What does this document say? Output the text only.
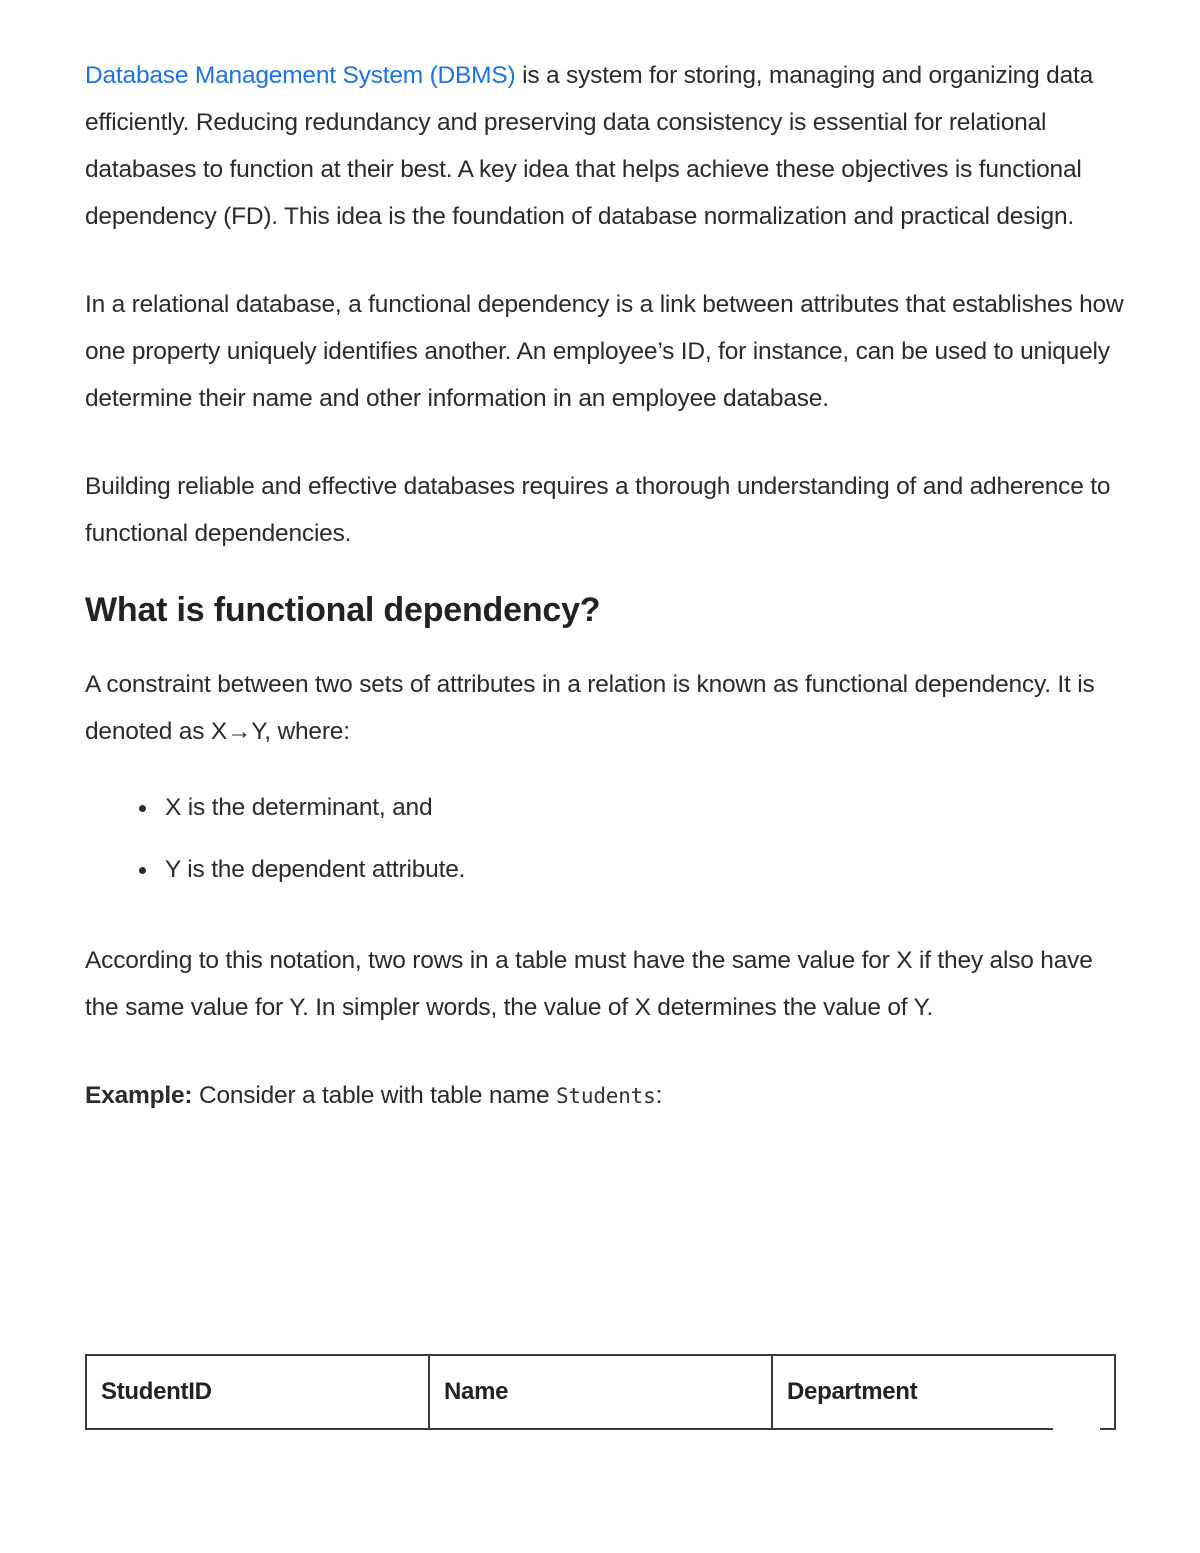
Database Management System (DBMS) is a system for storing, managing and organizing data efficiently. Reducing redundancy and preserving data consistency is essential for relational databases to function at their best. A key idea that helps achieve these objectives is functional dependency (FD). This idea is the foundation of database normalization and practical design.

In a relational database, a functional dependency is a link between attributes that establishes how one property uniquely identifies another. An employee’s ID, for instance, can be used to uniquely determine their name and other information in an employee database.

Building reliable and effective databases requires a thorough understanding of and adherence to functional dependencies.

What is functional dependency?

A constraint between two sets of attributes in a relation is known as functional dependency. It is denoted as X→Y, where:

X is the determinant, and
Y is the dependent attribute.

According to this notation, two rows in a table must have the same value for X if they also have the same value for Y. In simpler words, the value of X determines the value of Y.

Example: Consider a table with table name Students:

StudentID	Name	Department
